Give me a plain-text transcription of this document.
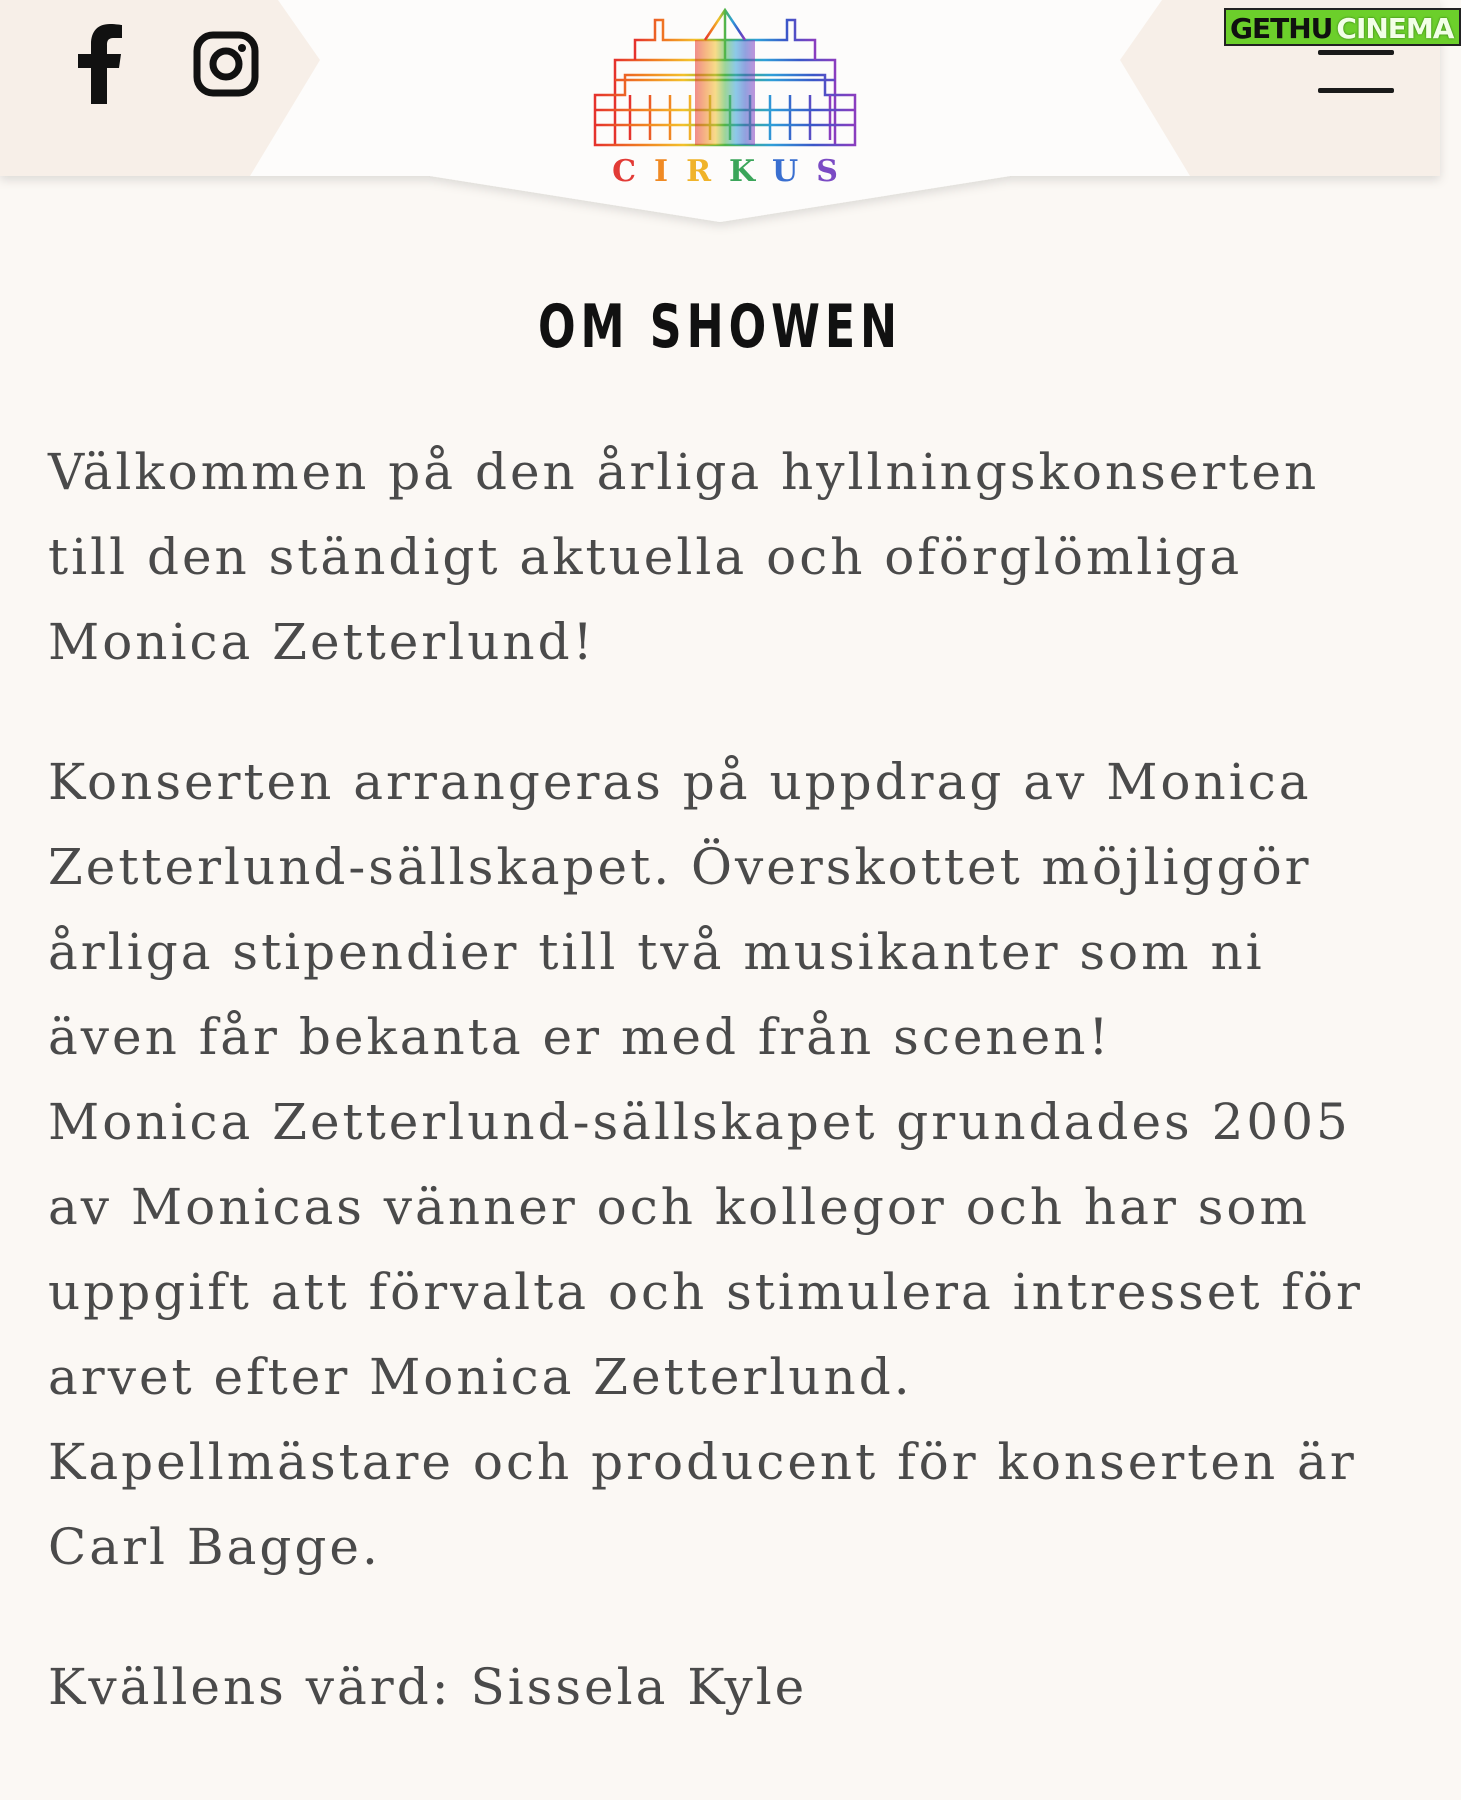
CIRKUS
GETHU CINEMA
OM SHOWEN

Välkommen på den årliga hyllningskonserten till den ständigt aktuella och oförglömliga Monica Zetterlund!

Konserten arrangeras på uppdrag av Monica Zetterlund-sällskapet. Överskottet möjliggör årliga stipendier till två musikanter som ni även får bekanta er med från scenen!

Monica Zetterlund-sällskapet grundades 2005 av Monicas vänner och kollegor och har som uppgift att förvalta och stimulera intresset för arvet efter Monica Zetterlund.

Kapellmästare och producent för konserten är Carl Bagge.

Kvällens värd: Sissela Kyle
